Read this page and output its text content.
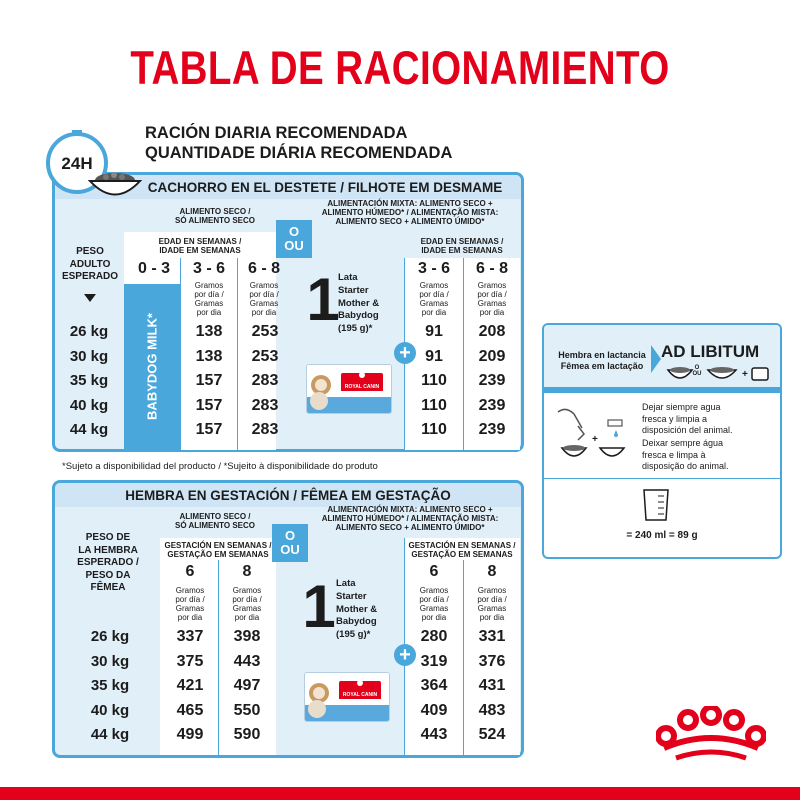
TABLA DE RACIONAMIENTO
RACIÓN DIARIA RECOMENDADA
QUANTIDADE DIÁRIA RECOMENDADA
CACHORRO EN EL DESTETE / FILHOTE EM DESMAME
24H
BABYDOG MILK*
ALIMENTO SECO /
SÓ ALIMENTO SECO
O
OU
ALIMENTACIÓN MIXTA: ALIMENTO SECO +
ALIMENTO HÚMEDO* / ALIMENTAÇÃO MISTA:
ALIMENTO SECO + ALIMENTO ÚMIDO*
EDAD EN SEMANAS /
IDADE EM SEMANAS
EDAD EN SEMANAS /
IDADE EM SEMANAS
0 - 3	3 - 6	6 - 8	3 - 6	6 - 8
Gramos
por día /
Gramas
por dia
Gramos
por día /
Gramas
por dia
Gramos
por día /
Gramas
por dia
Gramos
por día /
Gramas
por dia
PESO
ADULTO
ESPERADO	1
Lata
Starter
Mother &
Babydog
(195 g)*
ROYAL CANIN
+
26 kg	138	253	91	208
30 kg	138	253	91	209
35 kg	157	283	110	239
40 kg	157	283	110	239
44 kg	157	283	110	239
*Sujeto a disponibilidad del producto / *Sujeito à disponibilidade do produto
HEMBRA EN GESTACIÓN / FÊMEA EM GESTAÇÃO
ALIMENTO SECO /
SÓ ALIMENTO SECO
O
OU
ALIMENTACIÓN MIXTA: ALIMENTO SECO +
ALIMENTO HÚMEDO* / ALIMENTAÇÃO MISTA:
ALIMENTO SECO + ALIMENTO ÚMIDO*
GESTACIÓN EN SEMANAS /
GESTAÇÃO EM SEMANAS
GESTACIÓN EN SEMANAS /
GESTAÇÃO EM SEMANAS
6	8	6	8
Gramos
por día /
Gramas
por dia
Gramos
por día /
Gramas
por dia
Gramos
por día /
Gramas
por dia
Gramos
por día /
Gramas
por dia
PESO DE
LA HEMBRA
ESPERADO /
PESO DA
FÊMEA	1 Lata
Starter
Mother &
Babydog
(195 g)*
ROYAL CANIN
+
26 kg	337	398	280	331
30 kg	375	443	319	376
35 kg	421	497	364	431
40 kg	465	550	409	483
44 kg	499	590	443	524
Hembra en lactancia
Fêmea em lactação
AD LIBITUM
+
O
OU
+
Dejar siempre agua
fresca y limpia a
disposición del animal.
Deixar sempre água
fresca e limpa à
disposição do animal.
= 240 ml = 89 g
